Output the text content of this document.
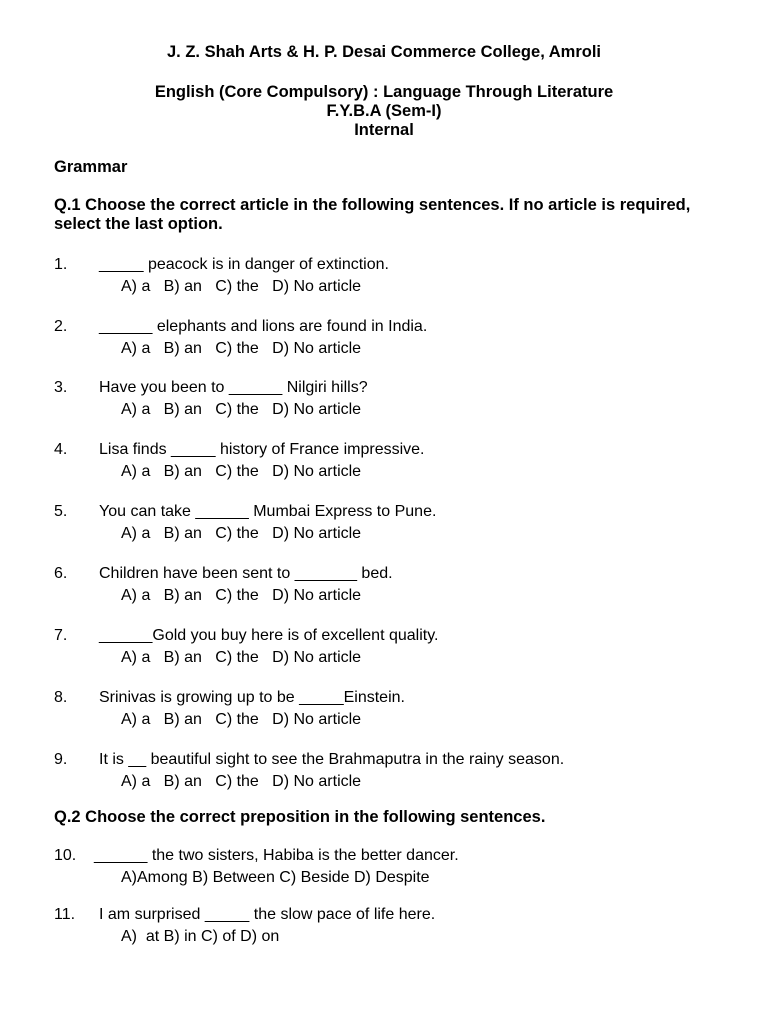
J. Z. Shah Arts & H. P. Desai Commerce College, Amroli
English (Core Compulsory) : Language Through Literature
F.Y.B.A (Sem-I)
Internal
Grammar
Q.1 Choose the correct article in the following sentences. If no article is required, select the last option.
1. _____ peacock is in danger of extinction.
A) a   B) an   C) the   D) No article
2. ______ elephants and lions are found in India.
A) a   B) an   C) the   D) No article
3. Have you been to ______ Nilgiri hills?
A) a   B) an   C) the   D) No article
4. Lisa finds _____ history of France impressive.
A) a   B) an   C) the   D) No article
5. You can take ______ Mumbai Express to Pune.
A) a   B) an   C) the   D) No article
6. Children have been sent to _______ bed.
A) a   B) an   C) the   D) No article
7. ______Gold you buy here is of excellent quality.
A) a   B) an   C) the   D) No article
8. Srinivas is growing up to be _____Einstein.
A) a   B) an   C) the   D) No article
9. It is __ beautiful sight to see the Brahmaputra in the rainy season.
A) a   B) an   C) the   D) No article
Q.2 Choose the correct preposition in the following sentences.
10. ______ the two sisters, Habiba is the better dancer.
A)Among B) Between C) Beside D) Despite
11. I am surprised _____ the slow pace of life here.
A)  at B) in C) of D) on
